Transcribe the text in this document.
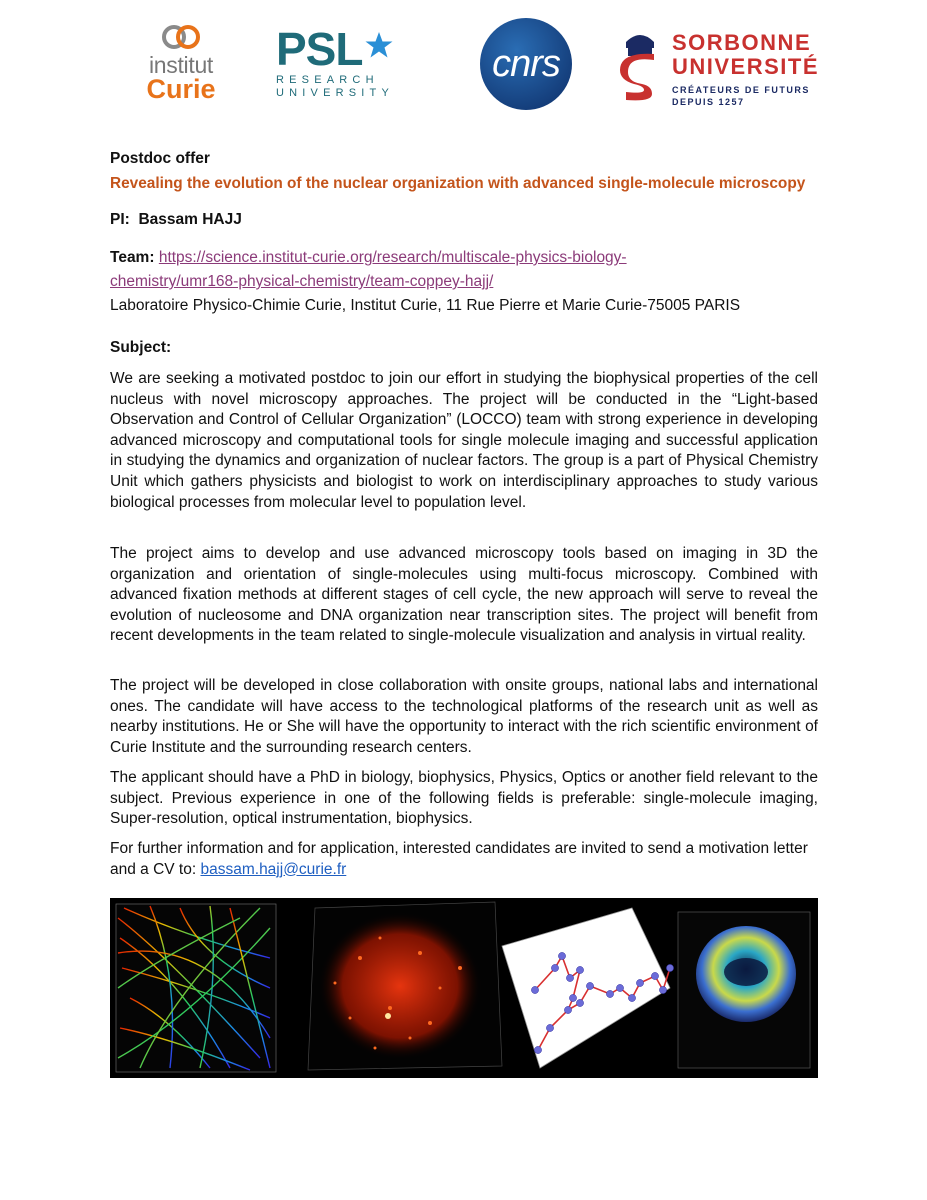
institut
Curie
PSL
RESEARCH
UNIVERSITY
cnrs
SORBONNE
UNIVERSITÉ
CRÉATEURS DE FUTURS
DEPUIS 1257
Postdoc offer
Revealing the evolution of the nuclear organization with advanced single-molecule microscopy
PI: Bassam HAJJ
Team: https://science.institut-curie.org/research/multiscale-physics-biology-
chemistry/umr168-physical-chemistry/team-coppey-hajj/
Laboratoire Physico-Chimie Curie, Institut Curie, 11 Rue Pierre et Marie Curie-75005 PARIS
Subject:

We are seeking a motivated postdoc to join our effort in studying the biophysical properties of the cell nucleus with novel microscopy approaches. The project will be conducted in the “Light-based Observation and Control of Cellular Organization” (LOCCO) team with strong experience in developing advanced microscopy and computational tools for single molecule imaging and successful application in studying the dynamics and organization of nuclear factors. The group is a part of Physical Chemistry Unit which gathers physicists and biologist to work on interdisciplinary approaches to study various biological processes from molecular level to population level.

The project aims to develop and use advanced microscopy tools based on imaging in 3D the organization and orientation of single-molecules using multi-focus microscopy. Combined with advanced fixation methods at different stages of cell cycle, the new approach will serve to reveal the evolution of nucleosome and DNA organization near transcription sites. The project will benefit from recent developments in the team related to single-molecule visualization and analysis in virtual reality.

The project will be developed in close collaboration with onsite groups, national labs and international ones. The candidate will have access to the technological platforms of the research unit as well as nearby institutions. He or She will have the opportunity to interact with the rich scientific environment of Curie Institute and the surrounding research centers.

The applicant should have a PhD in biology, biophysics, Physics, Optics or another field relevant to the subject. Previous experience in one of the following fields is preferable: single-molecule imaging, Super-resolution, optical instrumentation, biophysics.

For further information and for application, interested candidates are invited to send a motivation letter and a CV to: bassam.hajj@curie.fr
